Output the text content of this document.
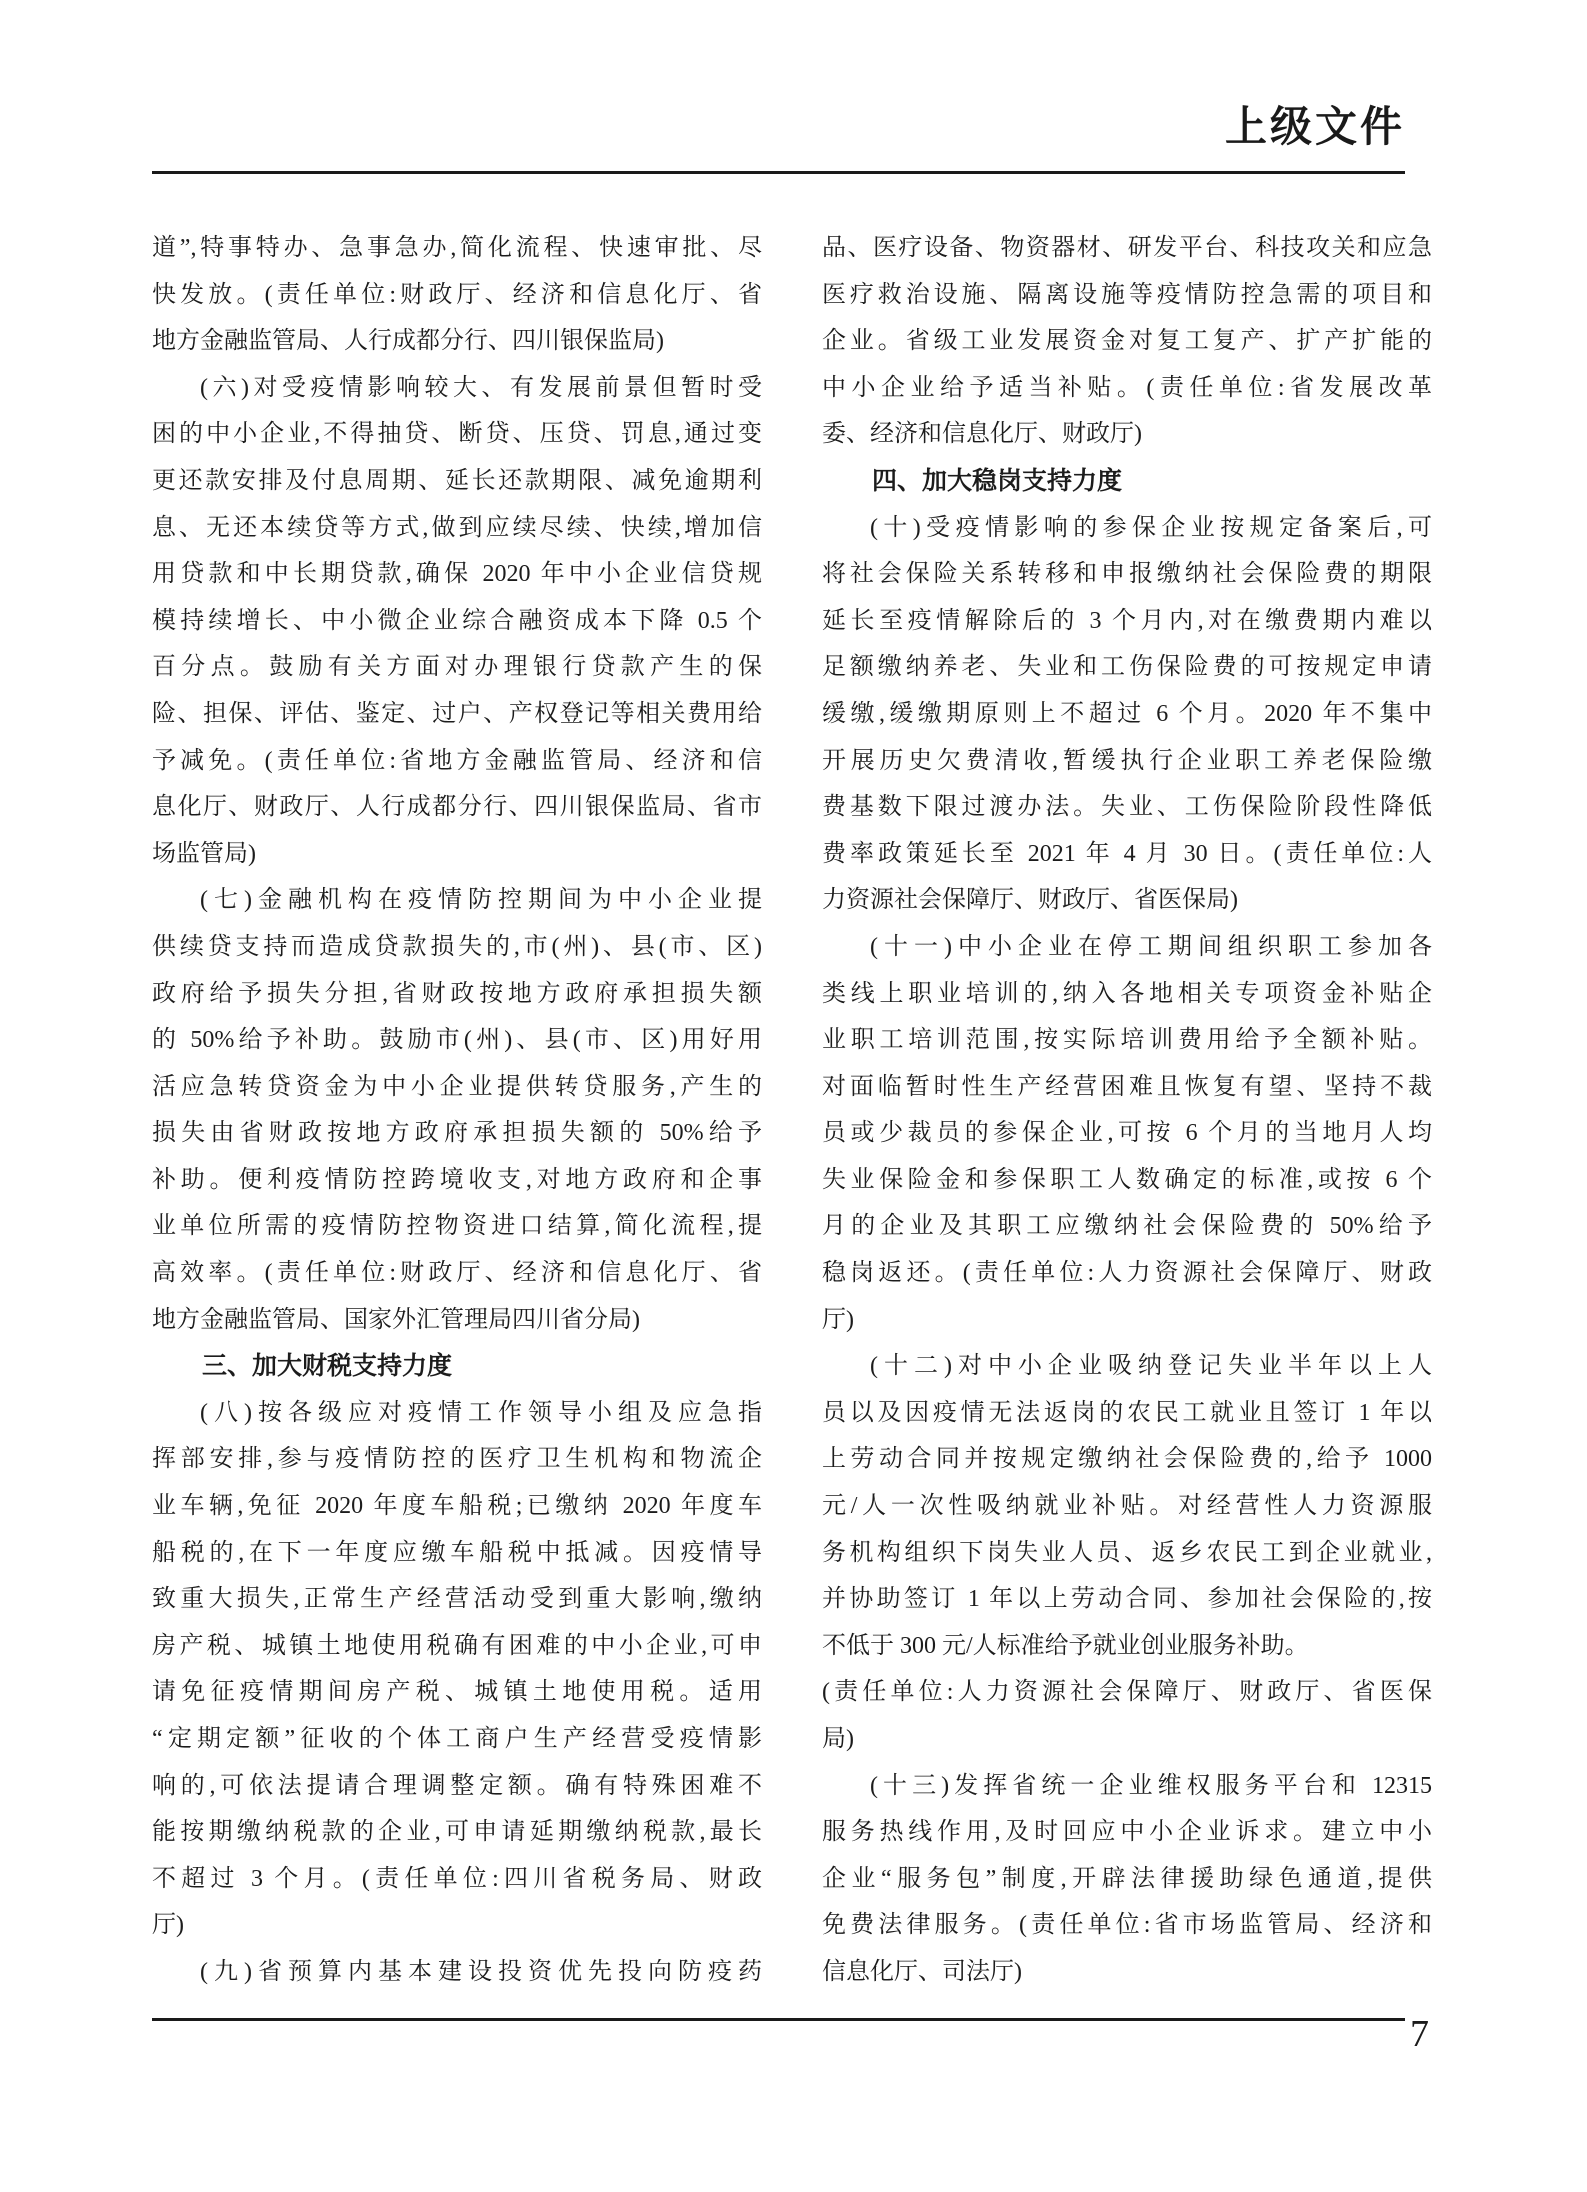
上级文件
道”,特事特办、急事急办,简化流程、快速审批、尽
快发放。(责任单位:财政厅、经济和信息化厅、省
地方金融监管局、人行成都分行、四川银保监局)
(六)对受疫情影响较大、有发展前景但暂时受
困的中小企业,不得抽贷、断贷、压贷、罚息,通过变
更还款安排及付息周期、延长还款期限、减免逾期利
息、无还本续贷等方式,做到应续尽续、快续,增加信
用贷款和中长期贷款,确保 2020 年中小企业信贷规
模持续增长、中小微企业综合融资成本下降 0.5 个
百分点。鼓励有关方面对办理银行贷款产生的保
险、担保、评估、鉴定、过户、产权登记等相关费用给
予减免。(责任单位:省地方金融监管局、经济和信
息化厅、财政厅、人行成都分行、四川银保监局、省市
场监管局)
(七)金融机构在疫情防控期间为中小企业提
供续贷支持而造成贷款损失的,市(州)、县(市、区)
政府给予损失分担,省财政按地方政府承担损失额
的 50%给予补助。鼓励市(州)、县(市、区)用好用
活应急转贷资金为中小企业提供转贷服务,产生的
损失由省财政按地方政府承担损失额的 50%给予
补助。便利疫情防控跨境收支,对地方政府和企事
业单位所需的疫情防控物资进口结算,简化流程,提
高效率。(责任单位:财政厅、经济和信息化厅、省
地方金融监管局、国家外汇管理局四川省分局)
三、加大财税支持力度
(八)按各级应对疫情工作领导小组及应急指
挥部安排,参与疫情防控的医疗卫生机构和物流企
业车辆,免征 2020 年度车船税;已缴纳 2020 年度车
船税的,在下一年度应缴车船税中抵减。因疫情导
致重大损失,正常生产经营活动受到重大影响,缴纳
房产税、城镇土地使用税确有困难的中小企业,可申
请免征疫情期间房产税、城镇土地使用税。适用
“定期定额”征收的个体工商户生产经营受疫情影
响的,可依法提请合理调整定额。确有特殊困难不
能按期缴纳税款的企业,可申请延期缴纳税款,最长
不超过 3 个月。(责任单位:四川省税务局、财政
厅)
(九)省预算内基本建设投资优先投向防疫药
品、医疗设备、物资器材、研发平台、科技攻关和应急
医疗救治设施、隔离设施等疫情防控急需的项目和
企业。省级工业发展资金对复工复产、扩产扩能的
中小企业给予适当补贴。(责任单位:省发展改革
委、经济和信息化厅、财政厅)
四、加大稳岗支持力度
(十)受疫情影响的参保企业按规定备案后,可
将社会保险关系转移和申报缴纳社会保险费的期限
延长至疫情解除后的 3 个月内,对在缴费期内难以
足额缴纳养老、失业和工伤保险费的可按规定申请
缓缴,缓缴期原则上不超过 6 个月。2020 年不集中
开展历史欠费清收,暂缓执行企业职工养老保险缴
费基数下限过渡办法。失业、工伤保险阶段性降低
费率政策延长至 2021 年 4 月 30 日。(责任单位:人
力资源社会保障厅、财政厅、省医保局)
(十一)中小企业在停工期间组织职工参加各
类线上职业培训的,纳入各地相关专项资金补贴企
业职工培训范围,按实际培训费用给予全额补贴。
对面临暂时性生产经营困难且恢复有望、坚持不裁
员或少裁员的参保企业,可按 6 个月的当地月人均
失业保险金和参保职工人数确定的标准,或按 6 个
月的企业及其职工应缴纳社会保险费的 50%给予
稳岗返还。(责任单位:人力资源社会保障厅、财政
厅)
(十二)对中小企业吸纳登记失业半年以上人
员以及因疫情无法返岗的农民工就业且签订 1 年以
上劳动合同并按规定缴纳社会保险费的,给予 1000
元/人一次性吸纳就业补贴。对经营性人力资源服
务机构组织下岗失业人员、返乡农民工到企业就业,
并协助签订 1 年以上劳动合同、参加社会保险的,按
不低于 300 元/人标准给予就业创业服务补助。
(责任单位:人力资源社会保障厅、财政厅、省医保
局)
(十三)发挥省统一企业维权服务平台和 12315
服务热线作用,及时回应中小企业诉求。建立中小
企业“服务包”制度,开辟法律援助绿色通道,提供
免费法律服务。(责任单位:省市场监管局、经济和
信息化厅、司法厅)
7
